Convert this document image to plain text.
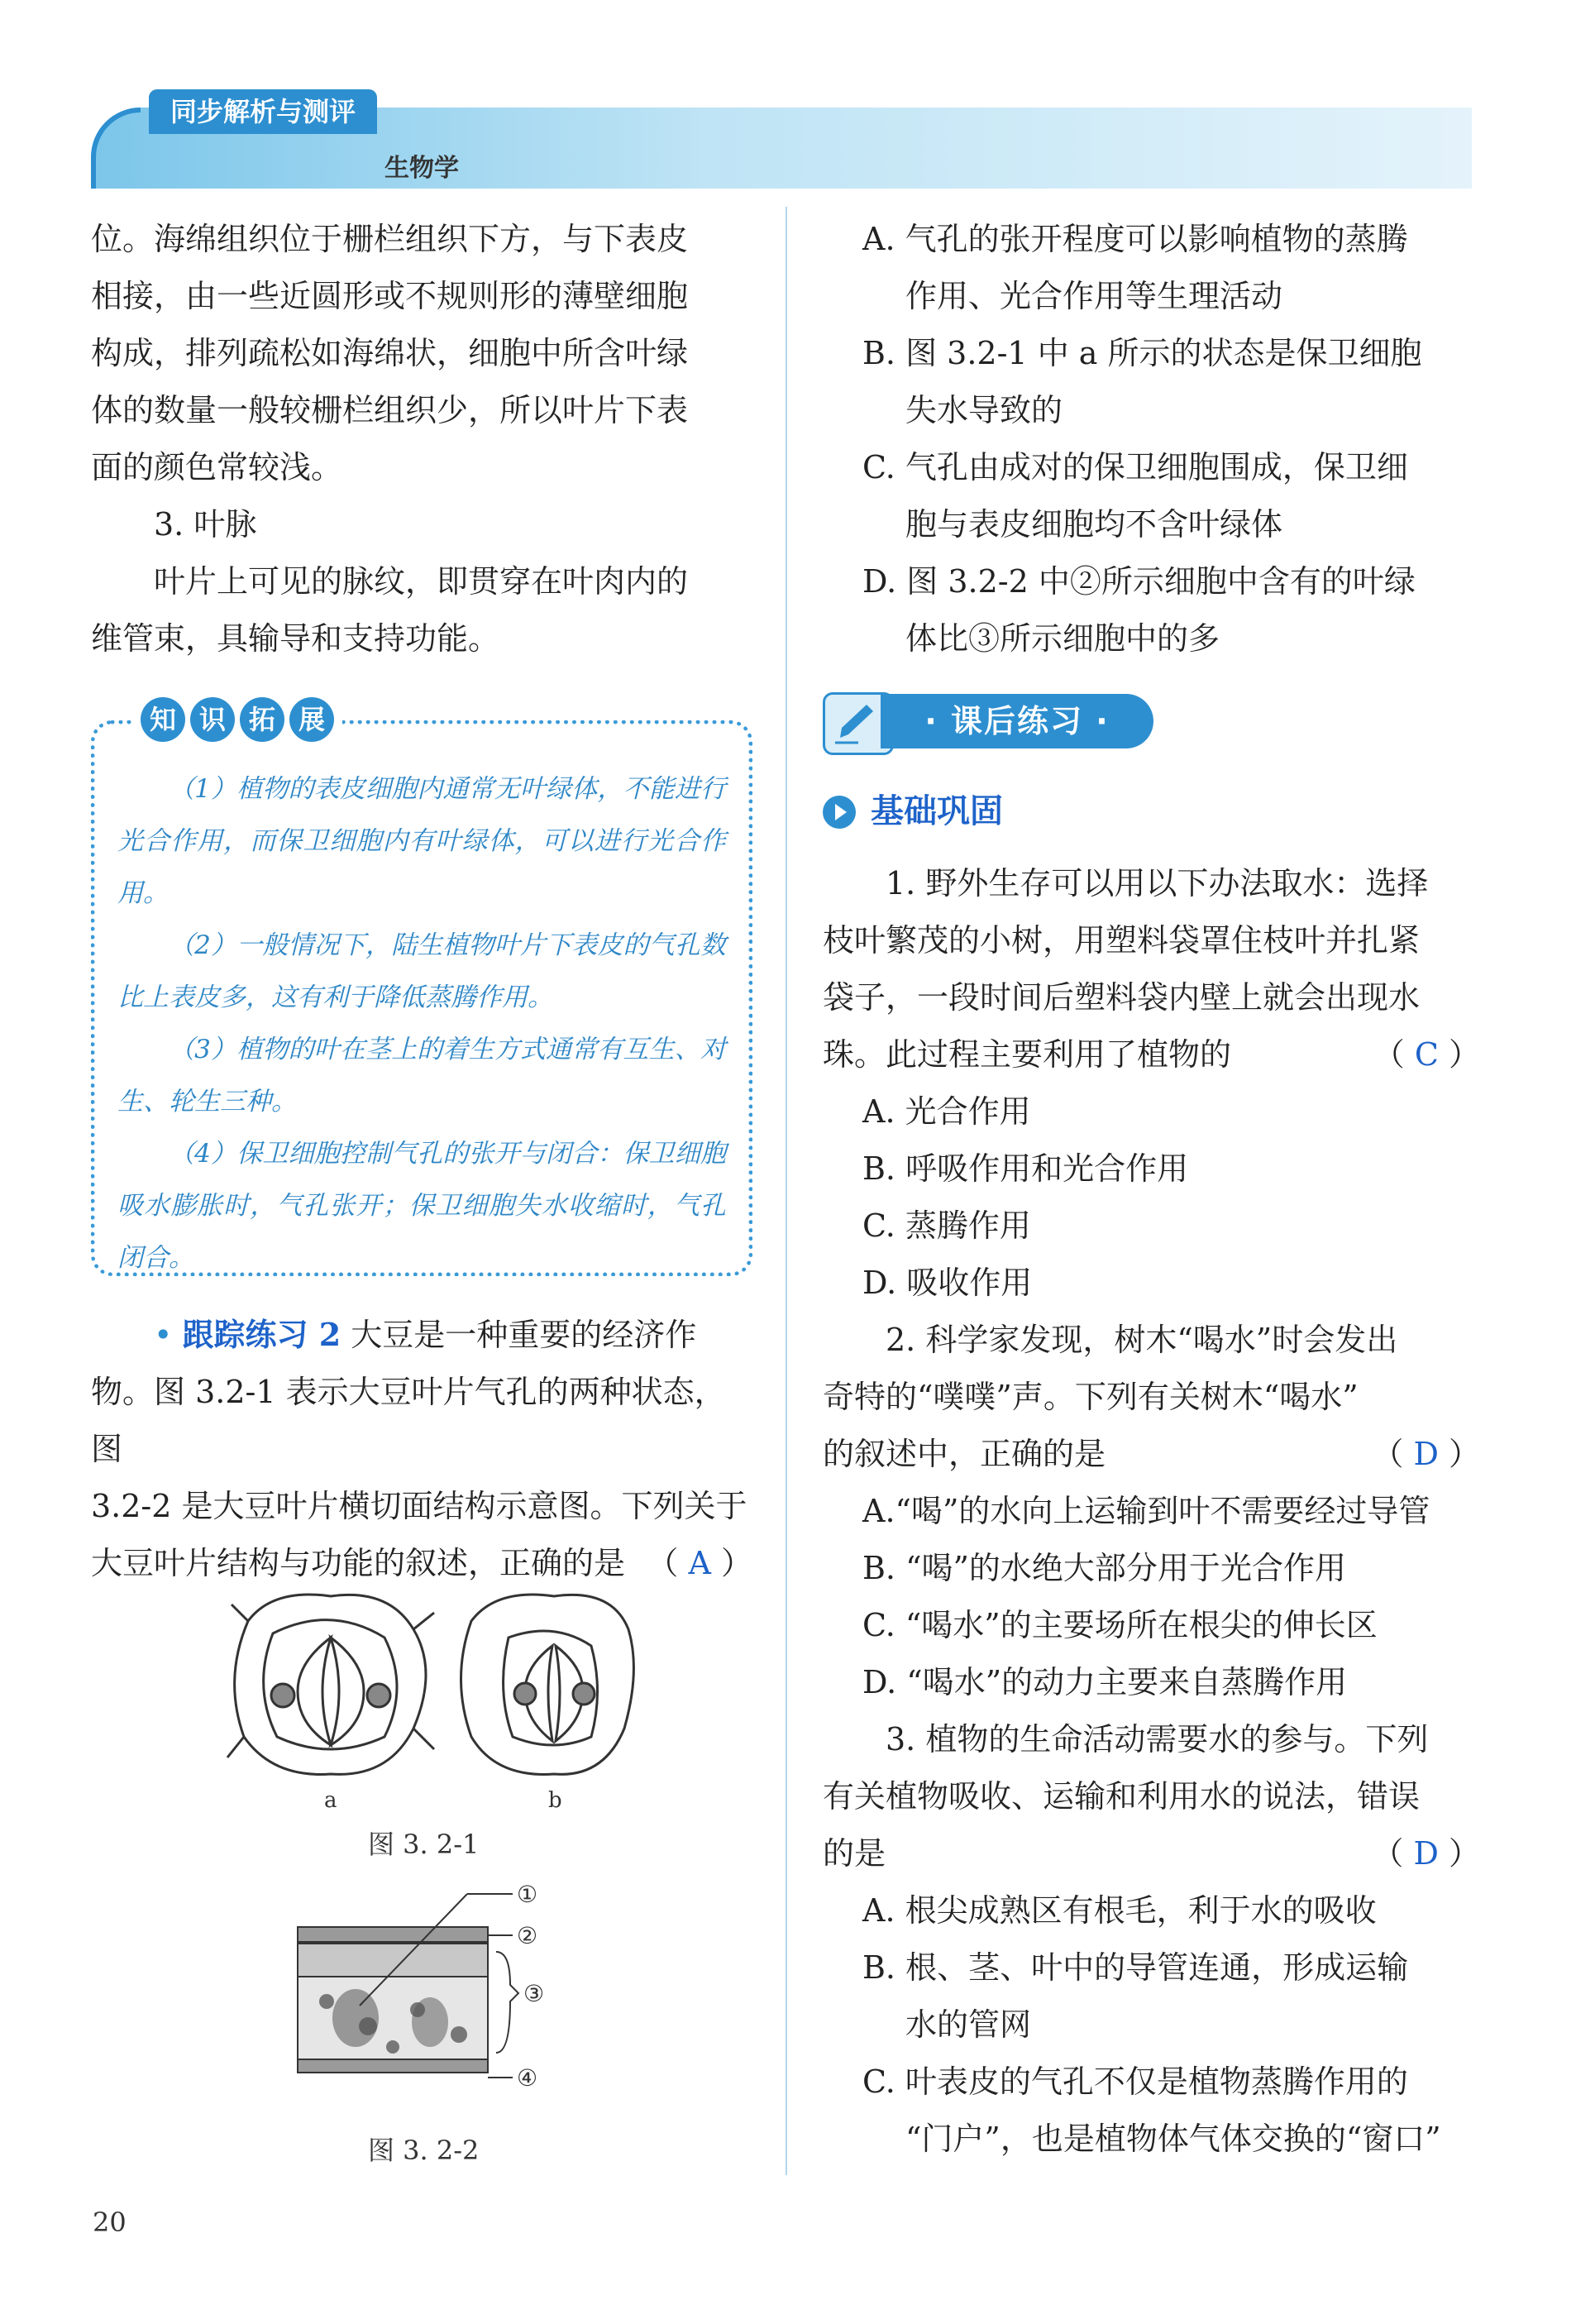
同步解析与测评
生物学

位。海绵组织位于栅栏组织下方，与下表皮

相接，由一些近圆形或不规则形的薄壁细胞

构成，排列疏松如海绵状，细胞中所含叶绿

体的数量一般较栅栏组织少，所以叶片下表

面的颜色常较浅。

3. 叶脉

叶片上可见的脉纹，即贯穿在叶肉内的

维管束，具输导和支持功能。

知 识 拓 展

（1）植物的表皮细胞内通常无叶绿体，不能进行光合作用，而保卫细胞内有叶绿体，可以进行光合作用。

（2）一般情况下，陆生植物叶片下表皮的气孔数比上表皮多，这有利于降低蒸腾作用。

（3）植物的叶在茎上的着生方式通常有互生、对生、轮生三种。

（4）保卫细胞控制气孔的张开与闭合：保卫细胞吸水膨胀时，气孔张开；保卫细胞失水收缩时，气孔闭合。

• 跟踪练习 2 大豆是一种重要的经济作

物。图 3.2-1 表示大豆叶片气孔的两种状态，图

3.2-2 是大豆叶片横切面结构示意图。下列关于

大豆叶片结构与功能的叙述，正确的是 （ A ）

a	b
图 3. 2-1
①
②
③
④
图 3. 2-2
20

A. 气孔的张开程度可以影响植物的蒸腾
作用、光合作用等生理活动

B. 图 3.2-1 中 a 所示的状态是保卫细胞
失水导致的

C. 气孔由成对的保卫细胞围成，保卫细
胞与表皮细胞均不含叶绿体

D. 图 3.2-2 中②所示细胞中含有的叶绿
体比③所示细胞中的多

· 课后练习 ·
基础巩固

1. 野外生存可以用以下办法取水：选择

枝叶繁茂的小树，用塑料袋罩住枝叶并扎紧

袋子，一段时间后塑料袋内壁上就会出现水

珠。此过程主要利用了植物的	（ C ）

A. 光合作用

B. 呼吸作用和光合作用

C. 蒸腾作用

D. 吸收作用

2. 科学家发现，树木“喝水”时会发出

奇特的“噗噗”声。下列有关树木“喝水”

的叙述中，正确的是	（ D ）

A.“喝”的水向上运输到叶不需要经过导管

B. “喝”的水绝大部分用于光合作用

C. “喝水”的主要场所在根尖的伸长区

D. “喝水”的动力主要来自蒸腾作用

3. 植物的生命活动需要水的参与。下列

有关植物吸收、运输和利用水的说法，错误

的是	（ D ）

A. 根尖成熟区有根毛，利于水的吸收

B. 根、茎、叶中的导管连通，形成运输
水的管网

C. 叶表皮的气孔不仅是植物蒸腾作用的
“门户”，也是植物体气体交换的“窗口”
